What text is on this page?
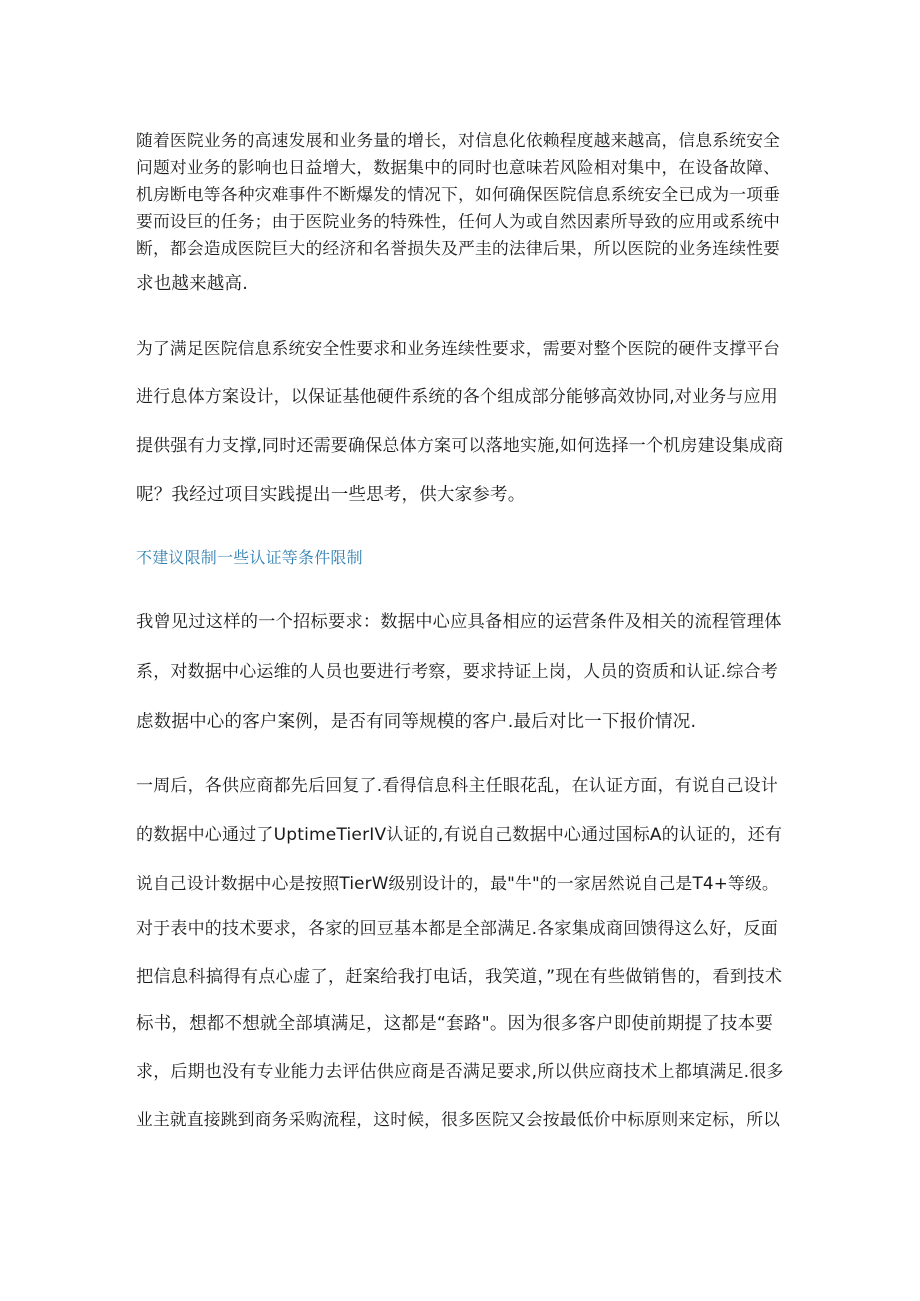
随着医院业务的高速发展和业务量的增长，对信息化依赖程度越来越高，信息系统安全
问题对业务的影响也日益增大，数据集中的同时也意味若风险相对集中，在设备故障、
机房断电等各种灾难事件不断爆发的情况下，如何确保医院信息系统安全已成为一项垂
要而设巨的任务；由于医院业务的特殊性，任何人为或自然因素所导致的应用或系统中
断，都会造成医院巨大的经济和名誉损失及严圭的法律后果，所以医院的业务连续性要
求也越来越高.
为了满足医院信息系统安全性要求和业务连续性要求，需要对整个医院的硬件支撑平台
进行息体方案设计，以保证基他硬件系统的各个组成部分能够高效协同,对业务与应用
提供强有力支撑,同时还需要确保总体方案可以落地实施,如何选择一个机房建设集成商
呢？我经过项目实践提出一些思考，供大家参考。
不建议限制一些认证等条件限制
我曾见过这样的一个招标要求：数据中心应具备相应的运营条件及相关的流程管理体
系，对数据中心运维的人员也要进行考察，要求持证上岗，人员的资质和认证.综合考
虑数据中心的客户案例，是否有同等规模的客户.最后对比一下报价情况.
一周后，各供应商都先后回复了.看得信息科主任眼花乱，在认证方面，有说自己设计
的数据中心通过了UptimeTierIV认证的,有说自己数据中心通过国标A的认证的，还有
说自己设计数据中心是按照TierW级别设计的，最"牛"的一家居然说自己是T4+等级。
对于表中的技术要求，各家的回豆基本都是全部满足.各家集成商回馈得这么好，反面
把信息科搞得有点心虚了，赶案给我打电话，我笑道，”现在有些做销售的，看到技术
标书，想都不想就全部填满足，这都是“套路"。因为很多客户即使前期提了技本要
求，后期也没有专业能力去评估供应商是否满足要求,所以供应商技术上都填满足.很多
业主就直接跳到商务采购流程，这时候，很多医院又会按最低价中标原则来定标，所以
